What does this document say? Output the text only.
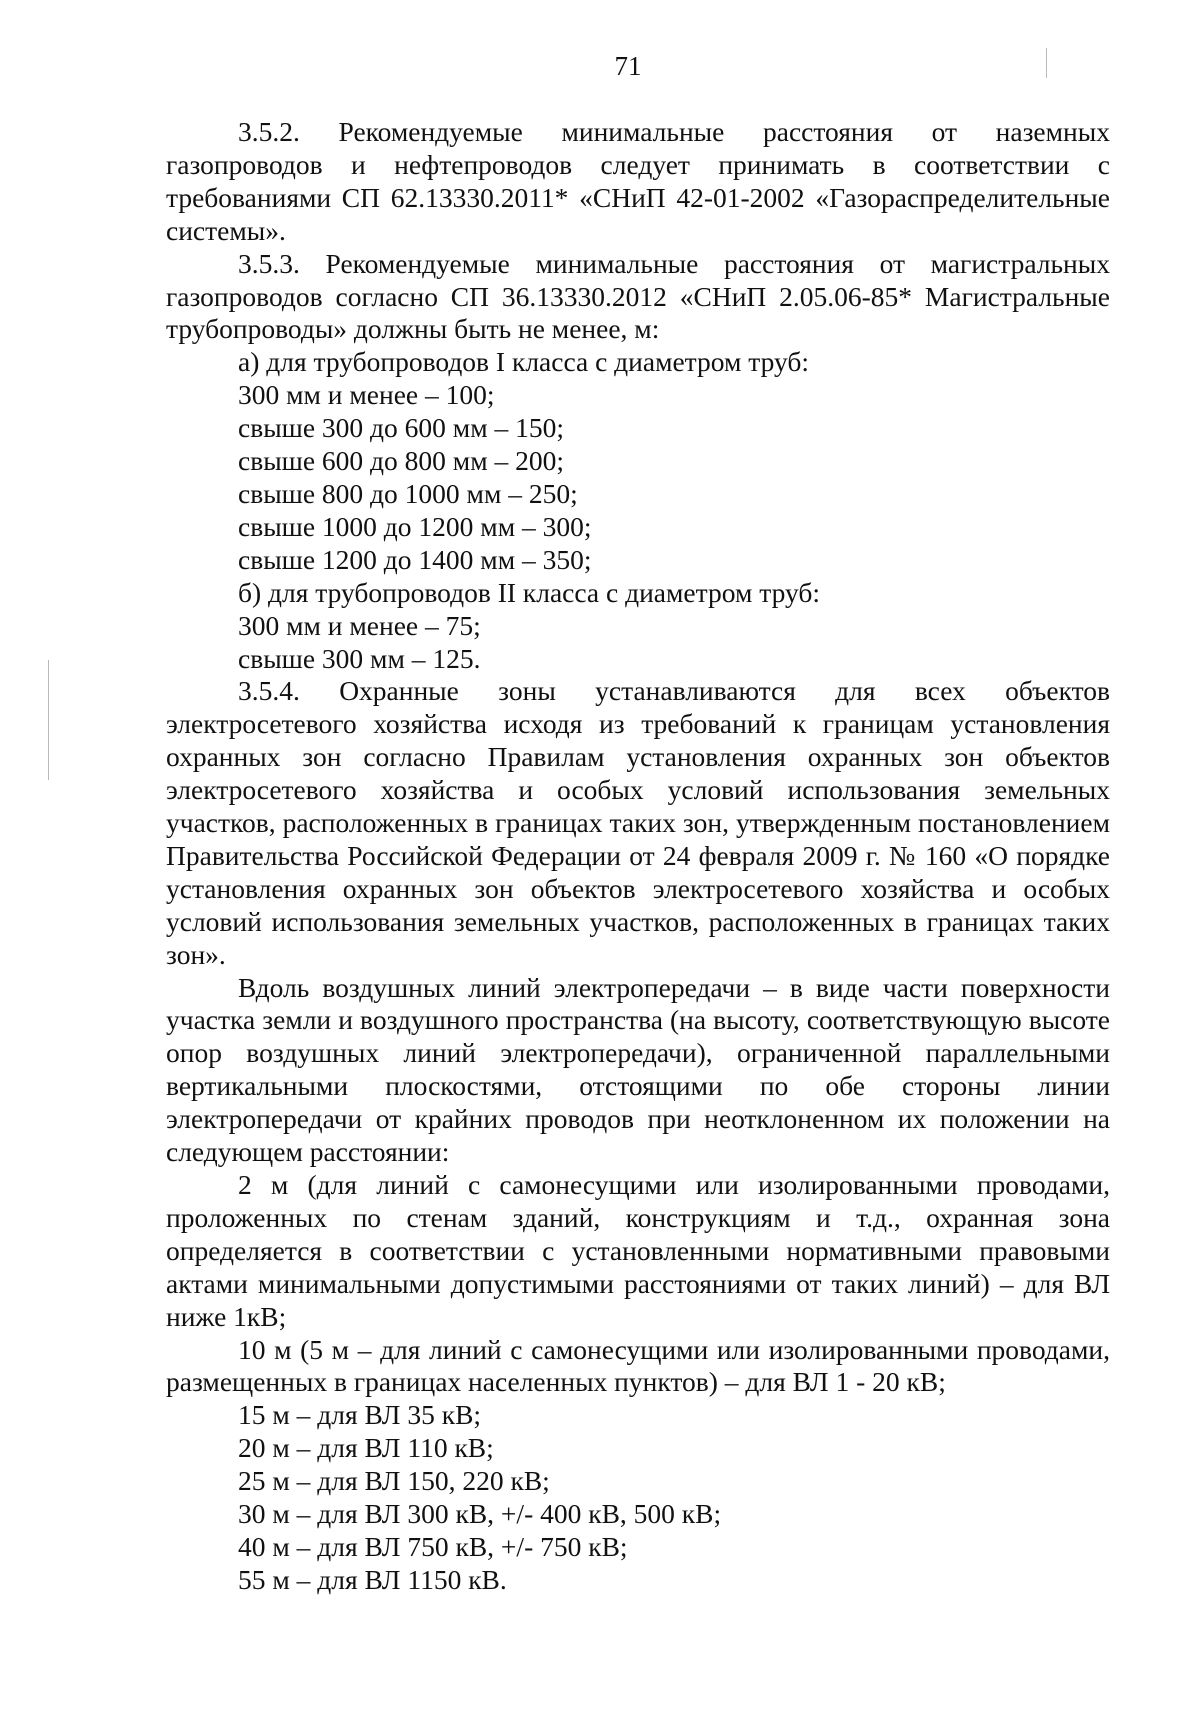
71

3.5.2. Рекомендуемые минимальные расстояния от наземных газопроводов и нефтепроводов следует принимать в соответствии с требованиями СП 62.13330.2011* «СНиП 42-01-2002 «Газораспределительные системы».

3.5.3. Рекомендуемые минимальные расстояния от магистральных газопроводов согласно СП 36.13330.2012 «СНиП 2.05.06-85* Магистральные трубопроводы» должны быть не менее, м:

а) для трубопроводов I класса с диаметром труб:

300 мм и менее – 100;

свыше 300 до 600 мм – 150;

свыше 600 до 800 мм – 200;

свыше 800 до 1000 мм – 250;

свыше 1000 до 1200 мм – 300;

свыше 1200 до 1400 мм – 350;

б) для трубопроводов II класса с диаметром труб:

300 мм и менее – 75;

свыше 300 мм – 125.

3.5.4. Охранные зоны устанавливаются для всех объектов электросетевого хозяйства исходя из требований к границам установления охранных зон согласно Правилам установления охранных зон объектов электросетевого хозяйства и особых условий использования земельных участков, расположенных в границах таких зон, утвержденным постановлением Правительства Российской Федерации от 24 февраля 2009 г. № 160 «О порядке установления охранных зон объектов электросетевого хозяйства и особых условий использования земельных участков, расположенных в границах таких зон».

Вдоль воздушных линий электропередачи – в виде части поверхности участка земли и воздушного пространства (на высоту, соответствующую высоте опор воздушных линий электропередачи), ограниченной параллельными вертикальными плоскостями, отстоящими по обе стороны линии электропередачи от крайних проводов при неотклоненном их положении на следующем расстоянии:

2 м (для линий с самонесущими или изолированными проводами, проложенных по стенам зданий, конструкциям и т.д., охранная зона определяется в соответствии с установленными нормативными правовыми актами минимальными допустимыми расстояниями от таких линий) – для ВЛ ниже 1кВ;

10 м (5 м – для линий с самонесущими или изолированными проводами, размещенных в границах населенных пунктов) – для ВЛ 1 - 20 кВ;

15 м – для ВЛ 35 кВ;

20 м – для ВЛ 110 кВ;

25 м – для ВЛ 150, 220 кВ;

30 м – для ВЛ 300 кВ, +/- 400 кВ, 500 кВ;

40 м – для ВЛ 750 кВ, +/- 750 кВ;

55 м – для ВЛ 1150 кВ.
